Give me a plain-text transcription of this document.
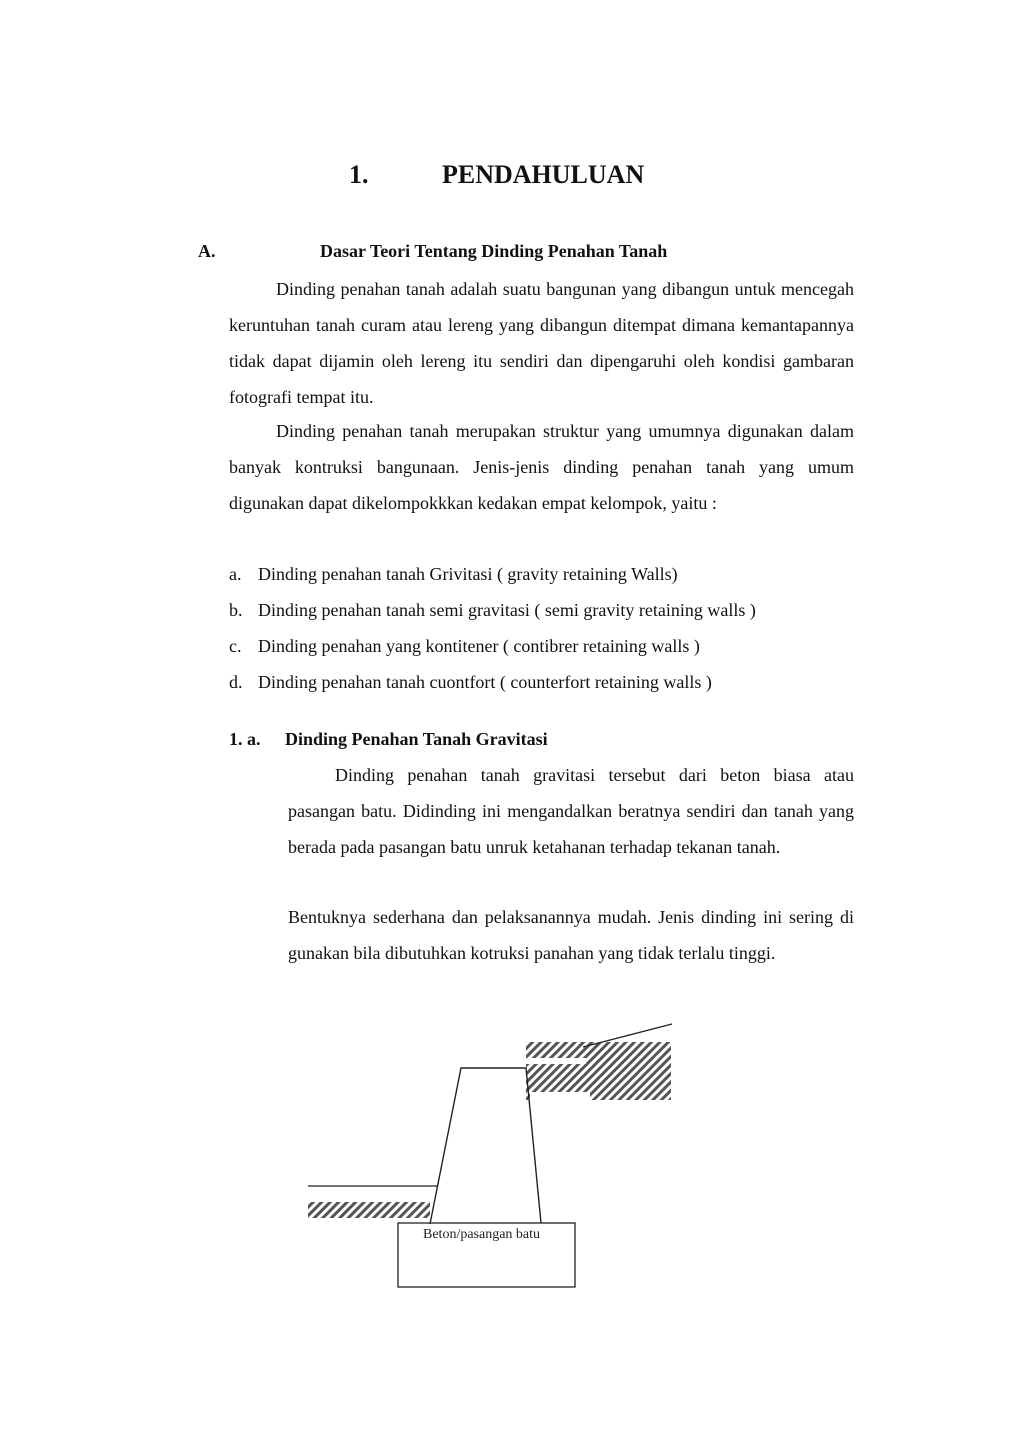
1.	PENDAHULUAN
A.	Dasar Teori Tentang Dinding Penahan Tanah

Dinding penahan tanah adalah suatu bangunan yang dibangun untuk mencegah keruntuhan tanah curam atau lereng yang dibangun ditempat dimana kemantapannya tidak dapat dijamin oleh lereng itu sendiri dan dipengaruhi oleh kondisi gambaran fotografi tempat itu.

Dinding penahan tanah merupakan struktur yang umumnya digunakan dalam banyak kontruksi bangunaan. Jenis-jenis dinding penahan tanah yang umum digunakan dapat dikelompokkkan kedakan empat kelompok, yaitu :

a. Dinding penahan tanah Grivitasi ( gravity retaining Walls)
b. Dinding penahan tanah semi gravitasi ( semi gravity retaining walls )
c. Dinding penahan yang kontitener ( contibrer retaining walls )
d. Dinding penahan tanah cuontfort ( counterfort retaining walls )
1. a. Dinding Penahan Tanah Gravitasi

Dinding penahan tanah gravitasi tersebut dari beton biasa atau pasangan batu. Didinding ini mengandalkan beratnya sendiri dan tanah yang berada pada pasangan batu unruk ketahanan terhadap tekanan tanah.

Bentuknya sederhana dan pelaksanannya mudah. Jenis dinding ini sering di gunakan bila dibutuhkan kotruksi panahan yang tidak terlalu tinggi.

Beton/pasangan batu
